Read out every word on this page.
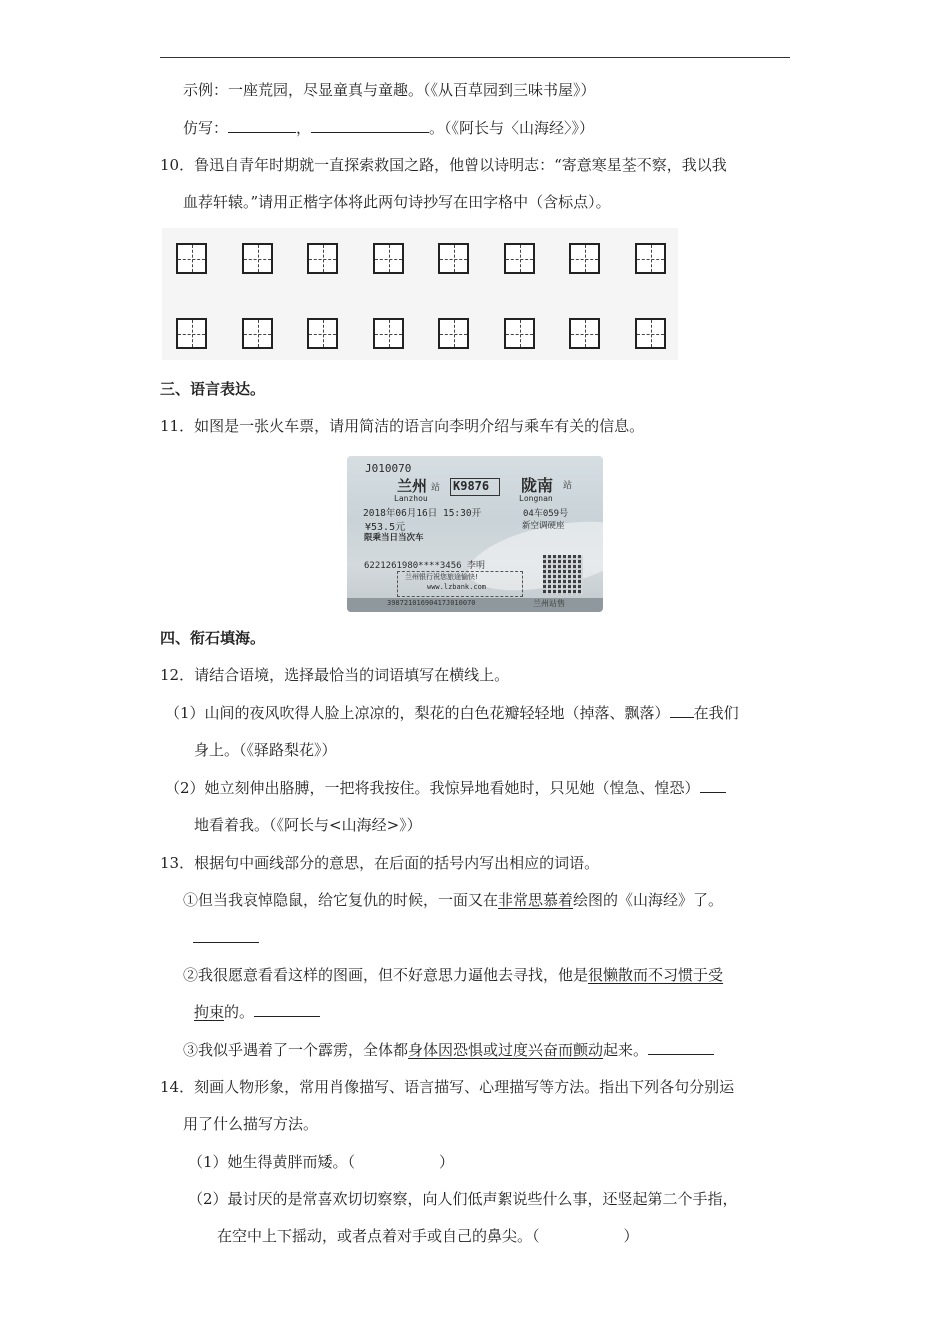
示例：一座荒园，尽显童真与童趣。（《从百草园到三味书屋》）
仿写：	，	。（《阿长与〈山海经〉》）
10．鲁迅自青年时期就一直探索救国之路，他曾以诗明志：“寄意寒星荃不察，我以我
血荐轩辕。”请用正楷字体将此两句诗抄写在田字格中（含标点）。
三、语言表达。
11．如图是一张火车票，请用简洁的语言向李明介绍与乘车有关的信息。
J010070
兰州 站
Lanzhou
K9876 陇南 站
Longnan
2018年06月16日 15:30开	04车059号
¥53.5元	新空调硬座
限乘当日当次车
6221261980****3456 李明
兰州银行祝您旅途愉快!
www.lzbank.com
39872101690417J010070	兰州站售
四、衔石填海。
12．请结合语境，选择最恰当的词语填写在横线上。
（1）山间的夜风吹得人脸上凉凉的，梨花的白色花瓣轻轻地（掉落、飘落） 在我们
身上。（《驿路梨花》）
（2）她立刻伸出胳膊，一把将我按住。我惊异地看她时，只见她（惶急、惶恐）
地看着我。（《阿长与<山海经>》）
13．根据句中画线部分的意思，在后面的括号内写出相应的词语。
①但当我哀悼隐鼠，给它复仇的时候，一面又在非常思慕着绘图的《山海经》了。
②我很愿意看看这样的图画，但不好意思力逼他去寻找，他是很懒散而不习惯于受
拘束的。
③我似乎遇着了一个霹雳，全体都身体因恐惧或过度兴奋而颤动起来。
14．刻画人物形象，常用肖像描写、语言描写、心理描写等方法。指出下列各句分别运
用了什么描写方法。
（1）她生得黄胖而矮。（	）
（2）最讨厌的是常喜欢切切察察，向人们低声絮说些什么事，还竖起第二个手指，
在空中上下摇动，或者点着对手或自己的鼻尖。（	）
